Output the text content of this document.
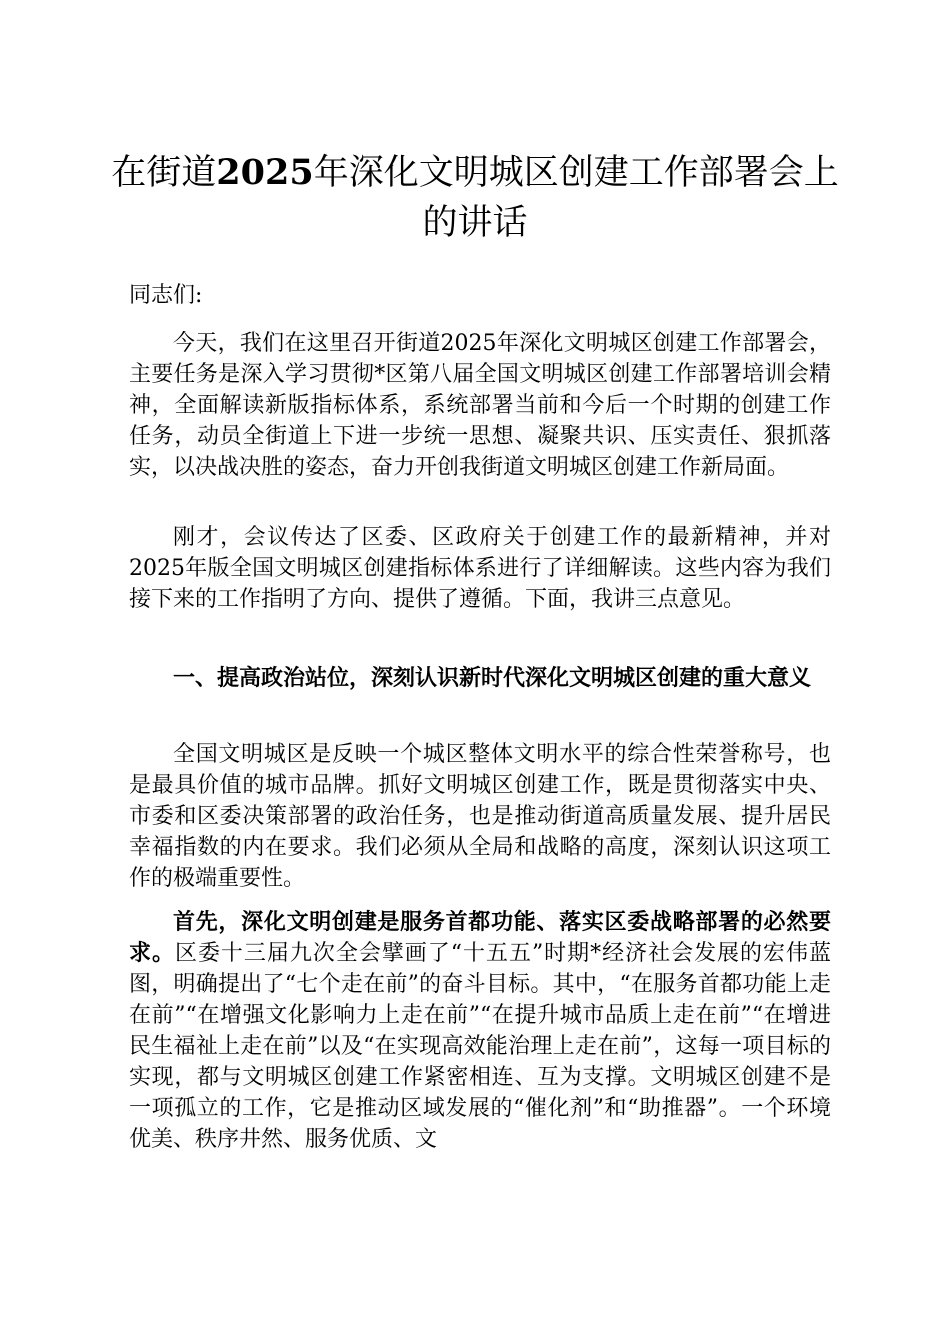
在街道2025年深化文明城区创建工作部署会上的讲话

同志们:

今天，我们在这里召开街道2025年深化文明城区创建工作部署会，主要任务是深入学习贯彻*区第八届全国文明城区创建工作部署培训会精神，全面解读新版指标体系，系统部署当前和今后一个时期的创建工作任务，动员全街道上下进一步统一思想、凝聚共识、压实责任、狠抓落实，以决战决胜的姿态，奋力开创我街道文明城区创建工作新局面。

刚才，会议传达了区委、区政府关于创建工作的最新精神，并对2025年版全国文明城区创建指标体系进行了详细解读。这些内容为我们接下来的工作指明了方向、提供了遵循。下面，我讲三点意见。

一、提高政治站位，深刻认识新时代深化文明城区创建的重大意义

全国文明城区是反映一个城区整体文明水平的综合性荣誉称号，也是最具价值的城市品牌。抓好文明城区创建工作，既是贯彻落实中央、市委和区委决策部署的政治任务，也是推动街道高质量发展、提升居民幸福指数的内在要求。我们必须从全局和战略的高度，深刻认识这项工作的极端重要性。

首先，深化文明创建是服务首都功能、落实区委战略部署的必然要求。区委十三届九次全会擘画了“十五五”时期*经济社会发展的宏伟蓝图，明确提出了“七个走在前”的奋斗目标。其中，“在服务首都功能上走在前”“在增强文化影响力上走在前”“在提升城市品质上走在前”“在增进民生福祉上走在前”以及“在实现高效能治理上走在前”，这每一项目标的实现，都与文明城区创建工作紧密相连、互为支撑。文明城区创建不是一项孤立的工作，它是推动区域发展的“催化剂”和“助推器”。一个环境优美、秩序井然、服务优质、文
